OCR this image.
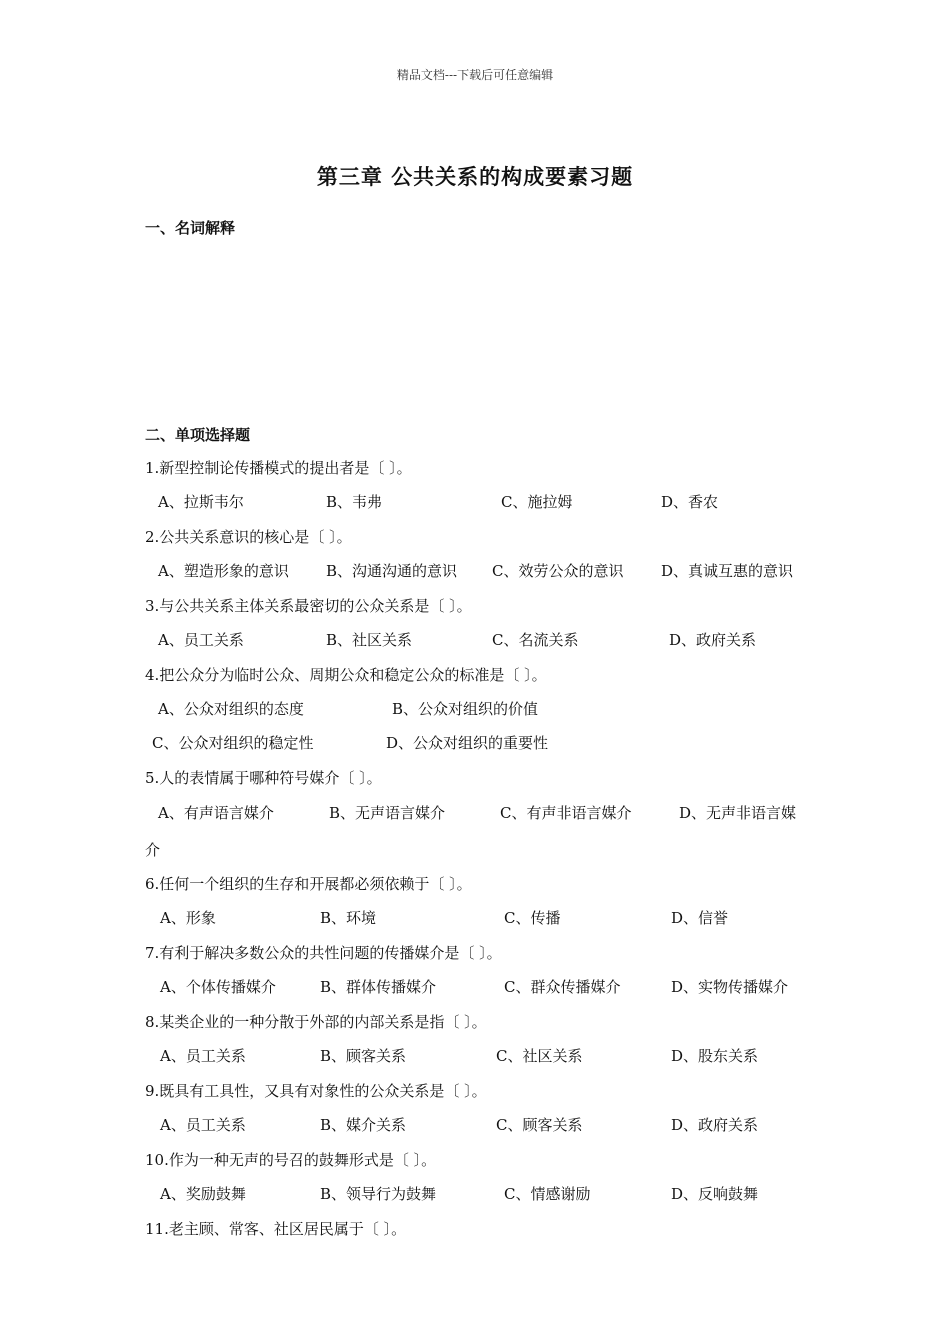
精品文档---下载后可任意编辑
第三章 公共关系的构成要素习题
一、名词解释
二、单项选择题
1.新型控制论传播模式的提出者是〔 〕。
A、拉斯韦尔	B、韦弗	C、施拉姆	D、香农
2.公共关系意识的核心是〔 〕。
A、塑造形象的意识 B、沟通沟通的意识 C、效劳公众的意识	D、真诚互惠的意识
3.与公共关系主体关系最密切的公众关系是〔 〕。
A、员工关系	B、社区关系	C、名流关系	D、政府关系
4.把公众分为临时公众、周期公众和稳定公众的标准是〔 〕。
A、公众对组织的态度	B、公众对组织的价值
C、公众对组织的稳定性	D、公众对组织的重要性
5.人的表情属于哪种符号媒介〔 〕。
A、有声语言媒介	B、无声语言媒介	C、有声非语言媒介	D、无声非语言媒
介
6.任何一个组织的生存和开展都必须依赖于〔 〕。
A、形象	B、环境	C、传播	D、信誉
7.有利于解决多数公众的共性问题的传播媒介是〔 〕。
A、个体传播媒介	B、群体传播媒介	C、群众传播媒介	D、实物传播媒介
8.某类企业的一种分散于外部的内部关系是指〔 〕。
A、员工关系	B、顾客关系	C、社区关系	D、股东关系
9.既具有工具性，又具有对象性的公众关系是〔 〕。
A、员工关系	B、媒介关系	C、顾客关系	D、政府关系
10.作为一种无声的号召的鼓舞形式是〔 〕。
A、奖励鼓舞	B、领导行为鼓舞	C、情感谢励	D、反响鼓舞
11.老主顾、常客、社区居民属于〔 〕。
